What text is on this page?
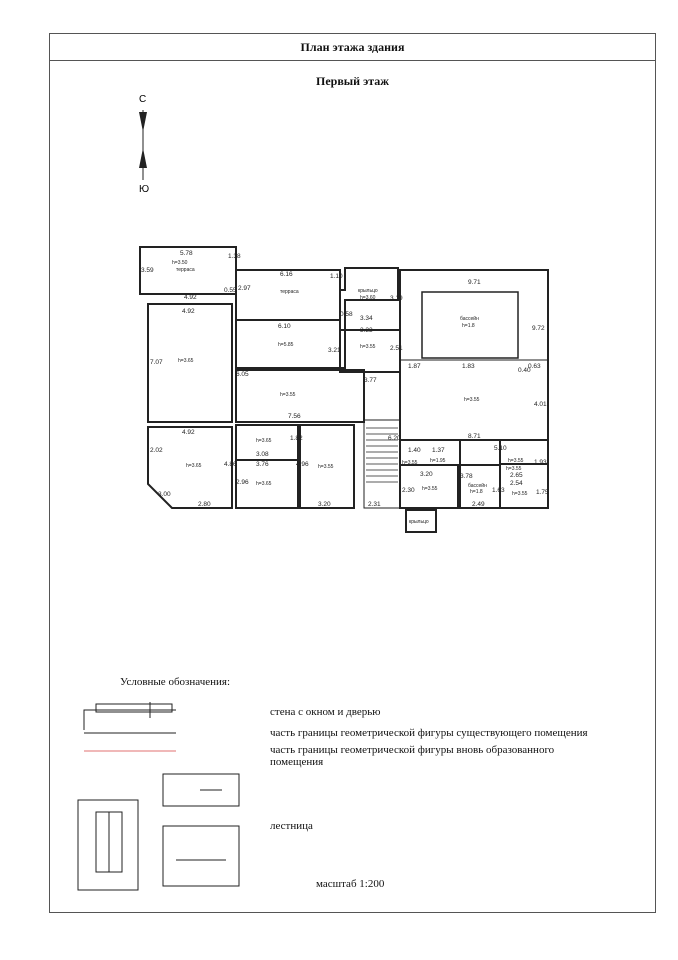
План этажа здания
Первый этаж
С
Ю
h=3.50
терраса
терраса	крыльцо
h=3.60
бассейн
h=1.8
h=3.65
h=5.85	h=3.55
h=3.55
h=3.55
h=3.65
h=3.65
h=3.65
h=3.55
h=3.55	h=1.95
h=3.55
h=3.55
бассейн
h=1.8	h=3.55
h=3.55
крыльцо
5.78	1.38
3.59
6.16	1.10
2.97
4.92
0.55
4.92
9.71
3.19
0.58
6.10
3.34
3.33	9.72
2.51
3.21
7.07
6.05
1.87	1.83
0.40
0.63
3.77
4.01
7.56
4.92
1.82	8.71
6.20
5.10
2.02
3.08
1.40 1.37
1.93
3.76
4.86	4.96
2.65
2.54
3.20	3.78
1.63
2.96
2.30
3.00
2.80	3.20	2.31	2.49
1.75
Условные обозначения:
стена с окном и дверью
часть границы геометрической фигуры существующего помещения
часть границы геометрической фигуры вновь образованного помещения
лестница
масштаб 1:200
